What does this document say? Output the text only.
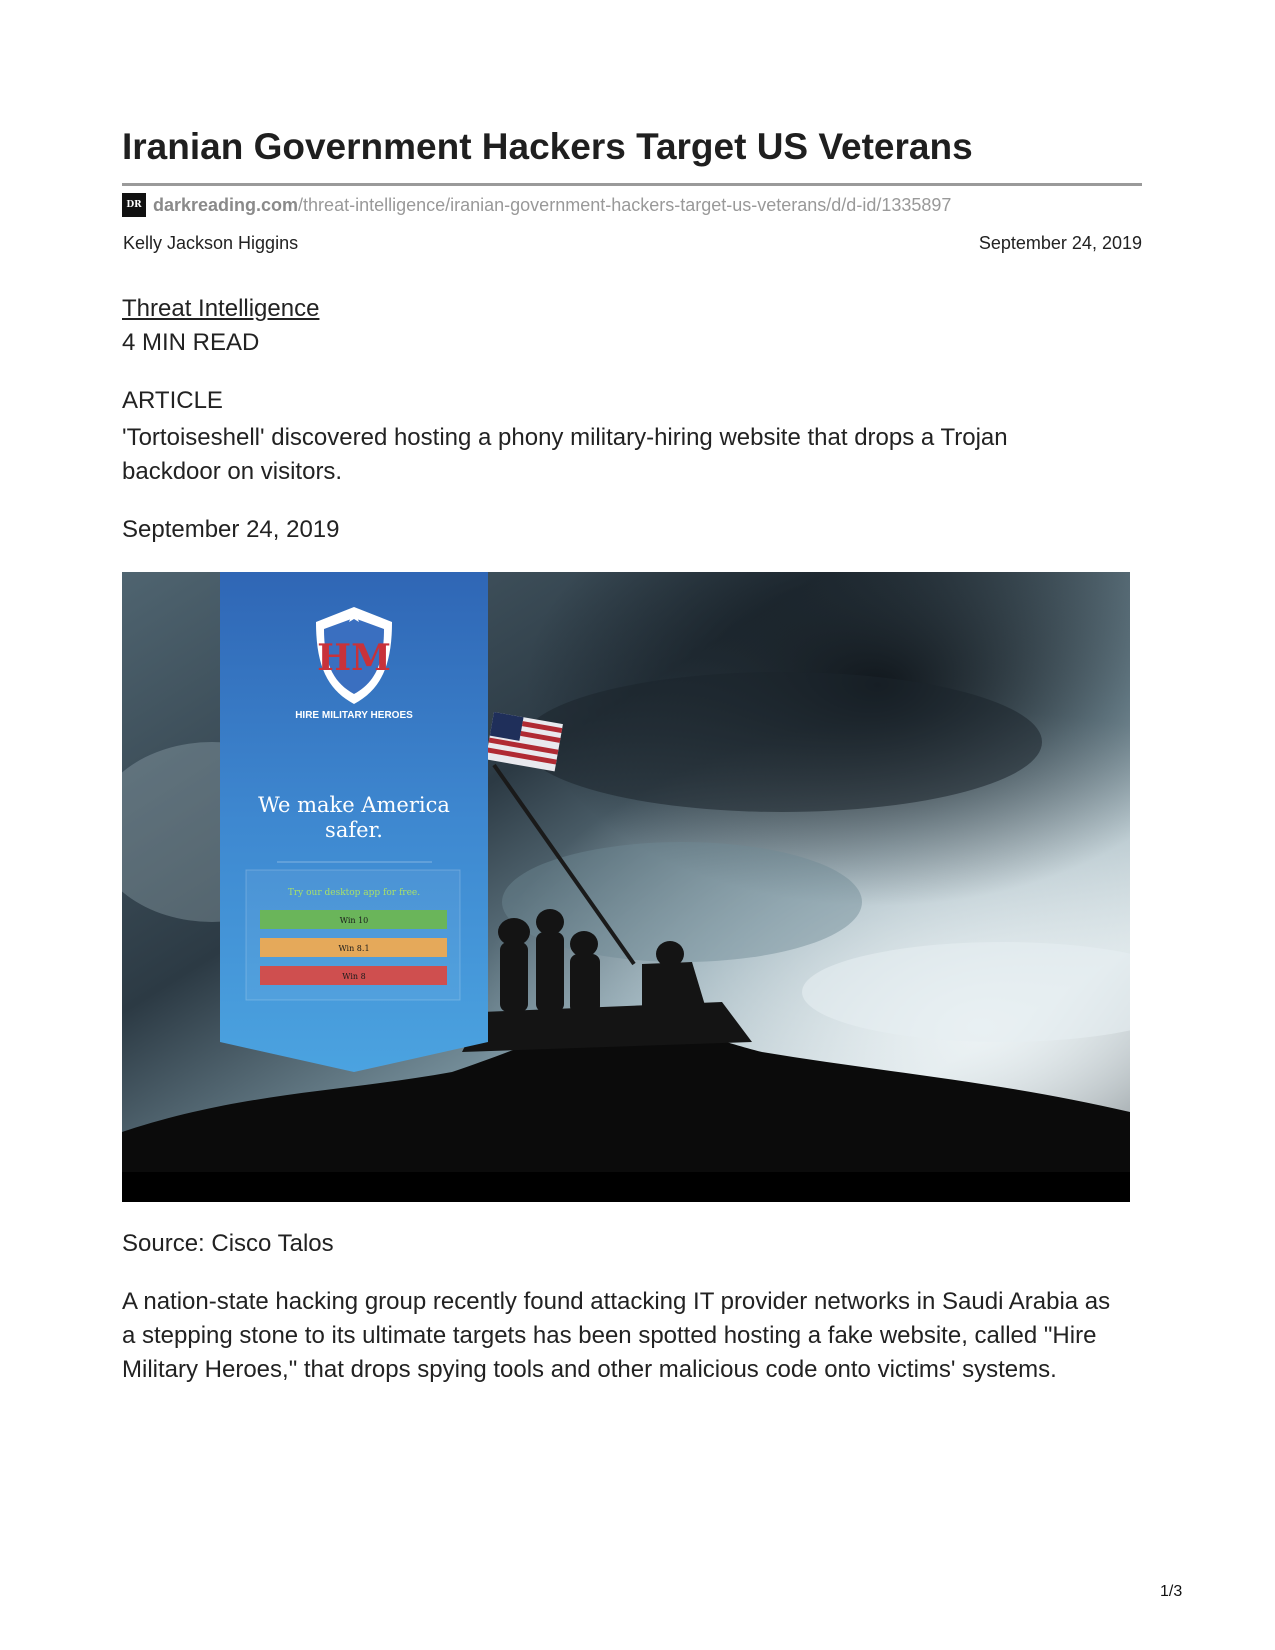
Iranian Government Hackers Target US Veterans
DR darkreading.com/threat-intelligence/iranian-government-hackers-target-us-veterans/d/d-id/1335897
Kelly Jackson Higgins	September 24, 2019
Threat Intelligence
4 MIN READ
ARTICLE
'Tortoiseshell' discovered hosting a phony military-hiring website that drops a Trojan backdoor on visitors.
September 24, 2019
HM
HIRE MILITARY HEROES
We make America
safer.
Try our desktop app for free.
Win 10
Win 8.1
Win 8
Source: Cisco Talos
A nation-state hacking group recently found attacking IT provider networks in Saudi Arabia as a stepping stone to its ultimate targets has been spotted hosting a fake website, called "Hire Military Heroes," that drops spying tools and other malicious code onto victims' systems.
1/3
